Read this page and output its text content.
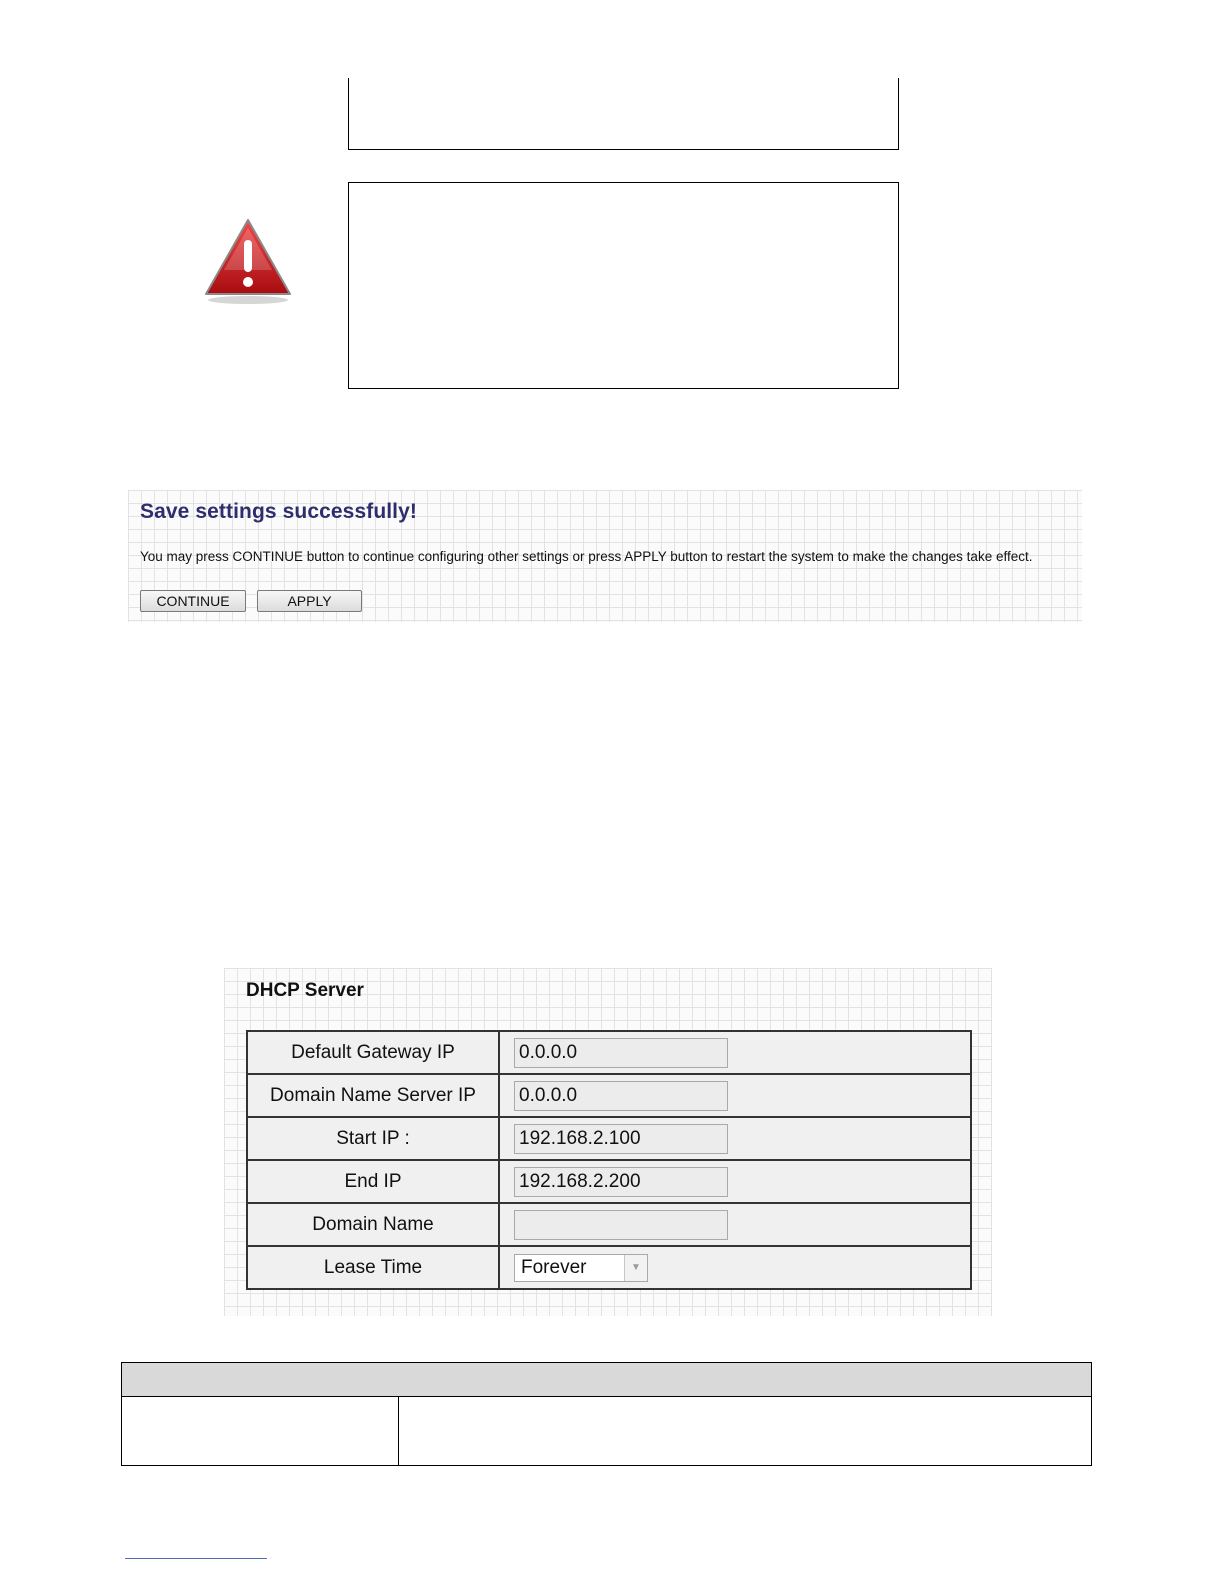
Save settings successfully!

You may press CONTINUE button to continue configuring other settings or press APPLY button to restart the system to make the changes take effect.

CONTINUE	APPLY
DHCP Server
Default Gateway IP	0.0.0.0

Domain Name Server IP	0.0.0.0

Start IP :	192.168.2.100

End IP	192.168.2.200

Domain Name	

Lease Time	Forever ▼
